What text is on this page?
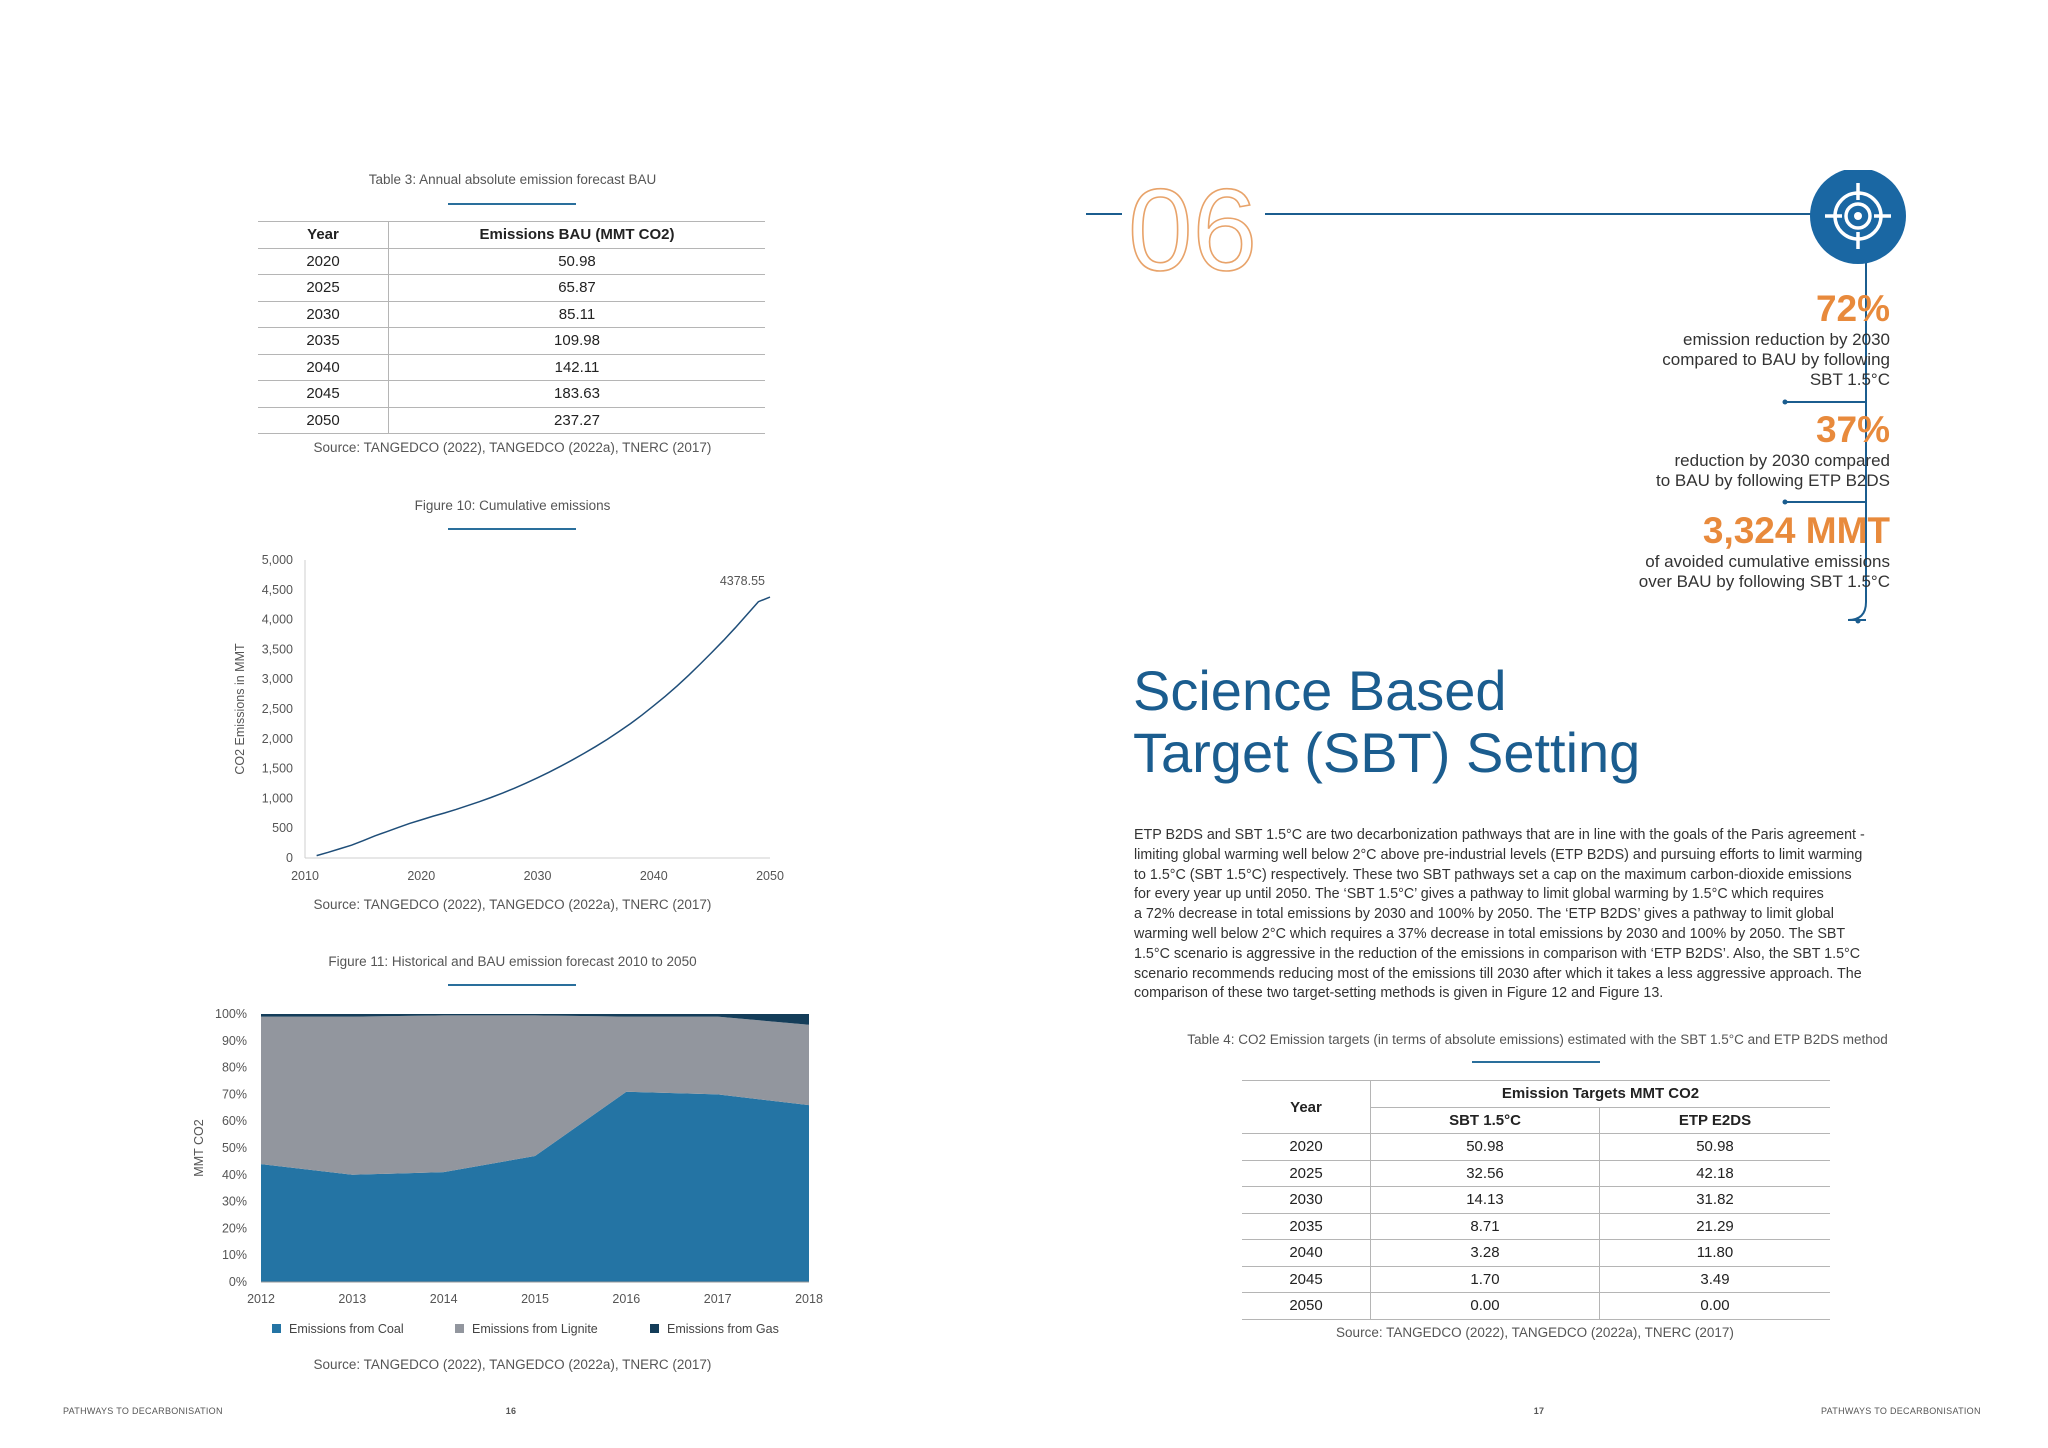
Table 3: Annual absolute emission forecast BAU
Year	Emissions BAU (MMT CO2)
2020	50.98
2025	65.87
2030	85.11
2035	109.98
2040	142.11
2045	183.63
2050	237.27
Source: TANGEDCO (2022), TANGEDCO (2022a), TNERC (2017)
Figure 10: Cumulative emissions
0
500
1,000
1,500
2,000
2,500
3,000
3,500
4,000
4,500
5,000
2010	2020	2030	2040	2050
CO2 Emissions in MMT
4378.55
Source: TANGEDCO (2022), TANGEDCO (2022a), TNERC (2017)
Figure 11: Historical and BAU emission forecast 2010 to 2050
0%
10%
20%
30%
40%
50%
60%
70%
80%
90%
100%
2012	2013	2014	2015	2016	2017	2018
MMT CO2
Emissions from Coal	Emissions from Lignite	Emissions from Gas
Source: TANGEDCO (2022), TANGEDCO (2022a), TNERC (2017)
PATHWAYS TO DECARBONISATION	16
06
72%
emission reduction by 2030
compared to BAU by following
SBT 1.5°C
37%
reduction by 2030 compared
to BAU by following ETP B2DS
3,324 MMT
of avoided cumulative emissions
over BAU by following SBT 1.5°C
Science Based
Target (SBT) Setting
ETP B2DS and SBT 1.5°C are two decarbonization pathways that are in line with the goals of the Paris agreement -
limiting global warming well below 2°C above pre-industrial levels (ETP B2DS) and pursuing efforts to limit warming
to 1.5°C (SBT 1.5°C) respectively. These two SBT pathways set a cap on the maximum carbon-dioxide emissions
for every year up until 2050. The ‘SBT 1.5°C’ gives a pathway to limit global warming by 1.5°C which requires
a 72% decrease in total emissions by 2030 and 100% by 2050. The ‘ETP B2DS’ gives a pathway to limit global
warming well below 2°C which requires a 37% decrease in total emissions by 2030 and 100% by 2050. The SBT
1.5°C scenario is aggressive in the reduction of the emissions in comparison with ‘ETP B2DS’. Also, the SBT 1.5°C
scenario recommends reducing most of the emissions till 2030 after which it takes a less aggressive approach. The
comparison of these two target-setting methods is given in Figure 12 and Figure 13.
Table 4: CO2 Emission targets (in terms of absolute emissions) estimated with the SBT 1.5°C and ETP B2DS method
Year	Emission Targets MMT CO2	
	SBT 1.5°C	ETP E2DS
2020	50.98	50.98
2025	32.56	42.18
2030	14.13	31.82
2035	8.71	21.29
2040	3.28	11.80
2045	1.70	3.49
2050	0.00	0.00
Source: TANGEDCO (2022), TANGEDCO (2022a), TNERC (2017)
17	PATHWAYS TO DECARBONISATION
